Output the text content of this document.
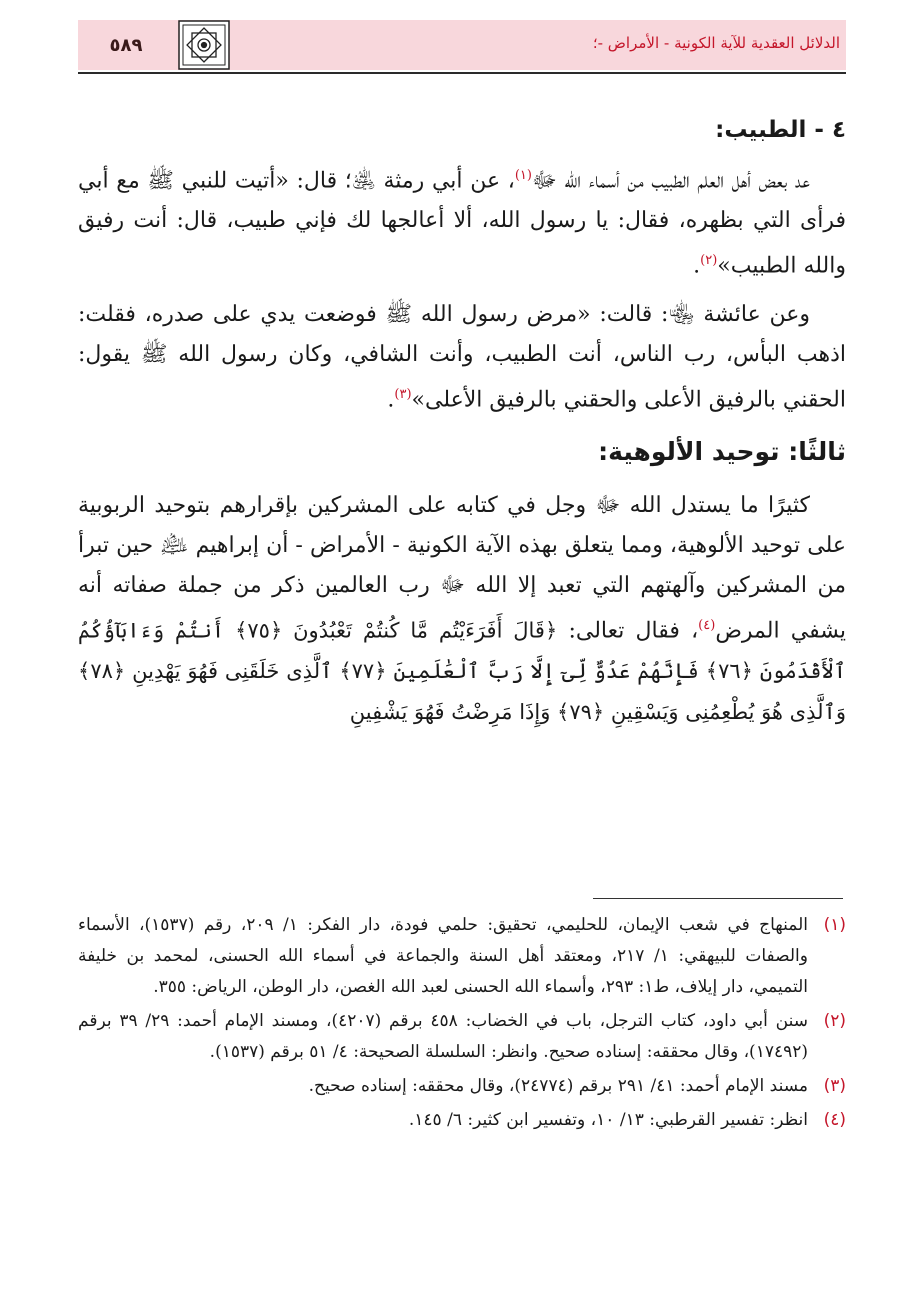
الدلائل العقدية للآية الكونية - الأمراض -؛
٥٨٩
٤ - الطبيب:

عد بعض أهل العلم الطبيب من أسماء الله ﷻ$^{(١)}$، عن أبي رمثة ﵁؛ قال: «أتيت للنبي ﷺ مع أبي فرأى التي بظهره، فقال: يا رسول الله، ألا أعالجها لك فإني طبيب، قال: أنت رفيق والله الطبيب»$^{(٢)}$.

وعن عائشة ﵄: قالت: «مرض رسول الله ﷺ فوضعت يدي على صدره، فقلت: اذهب البأس، رب الناس، أنت الطبيب، وأنت الشافي، وكان رسول الله ﷺ يقول: الحقني بالرفيق الأعلى والحقني بالرفيق الأعلى»$^{(٣)}$.

ثالثًا: توحيد الألوهية:

كثيرًا ما يستدل الله ﷻ وجل في كتابه على المشركين بإقرارهم بتوحيد الربوبية على توحيد الألوهية، ومما يتعلق بهذه الآية الكونية - الأمراض - أن إبراهيم ﵇ حين تبرأ من المشركين وآلهتهم التي تعبد إلا الله ﷻ رب العالمين ذكر من جملة صفاته أنه يشفي المرض$^{(٤)}$، فقال تعالى: ﴿قَالَ أَفَرَءَيْتُم مَّا كُنتُمْ تَعْبُدُونَ ﴿٧٥﴾ أَنتُمْ وَءَابَآؤُكُمُ ٱلْأَقْدَمُونَ ﴿٧٦﴾ فَإِنَّهُمْ عَدُوٌّ لِّىٓ إِلَّا رَبَّ ٱلْعَٰلَمِينَ ﴿٧٧﴾ ٱلَّذِى خَلَقَنِى فَهُوَ يَهْدِينِ ﴿٧٨﴾ وَٱلَّذِى هُوَ يُطْعِمُنِى وَيَسْقِينِ ﴿٧٩﴾ وَإِذَا مَرِضْتُ فَهُوَ يَشْفِينِ

(١)
المنهاج في شعب الإيمان، للحليمي، تحقيق: حلمي فودة، دار الفكر: ١/ ٢٠٩، رقم (١٥٣٧)، الأسماء والصفات للبيهقي: ١/ ٢١٧، ومعتقد أهل السنة والجماعة في أسماء الله الحسنى، لمحمد بن خليفة التميمي، دار إيلاف، ط١: ٢٩٣، وأسماء الله الحسنى لعبد الله الغصن، دار الوطن، الرياض: ٣٥٥.

(٢)
سنن أبي داود، كتاب الترجل، باب في الخضاب: ٤٥٨ برقم (٤٢٠٧)، ومسند الإمام أحمد: ٢٩/ ٣٩ برقم (١٧٤٩٢)، وقال محققه: إسناده صحيح. وانظر: السلسلة الصحيحة: ٤/ ٥١ برقم (١٥٣٧).

(٣)
مسند الإمام أحمد: ٤١/ ٢٩١ برقم (٢٤٧٧٤)، وقال محققه: إسناده صحيح.

(٤)
انظر: تفسير القرطبي: ١٣/ ١٠، وتفسير ابن كثير: ٦/ ١٤٥.
